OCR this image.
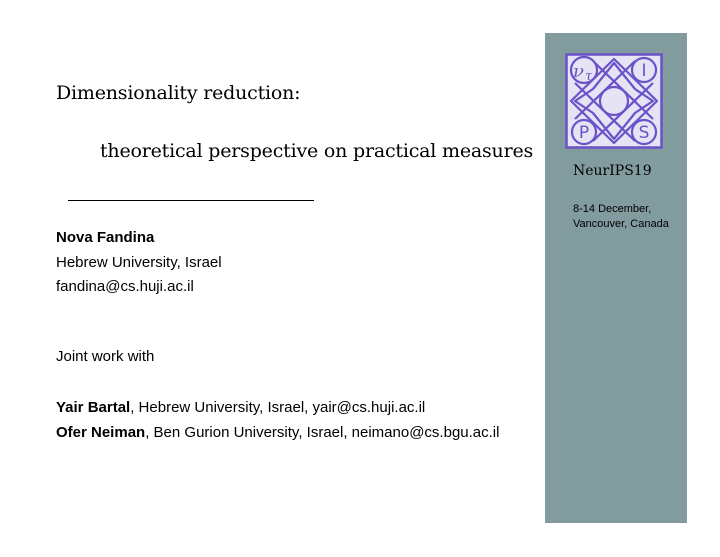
Dimensionality reduction:
theoretical perspective on practical measures
Nova Fandina
Hebrew University, Israel
fandina@cs.huji.ac.il
Joint work with
Yair Bartal, Hebrew University, Israel, yair@cs.huji.ac.il
Ofer Neiman, Ben Gurion University, Israel, neimano@cs.bgu.ac.il
ν τ	I
P	S
NeurIPS19
8-14 December,
Vancouver, Canada
